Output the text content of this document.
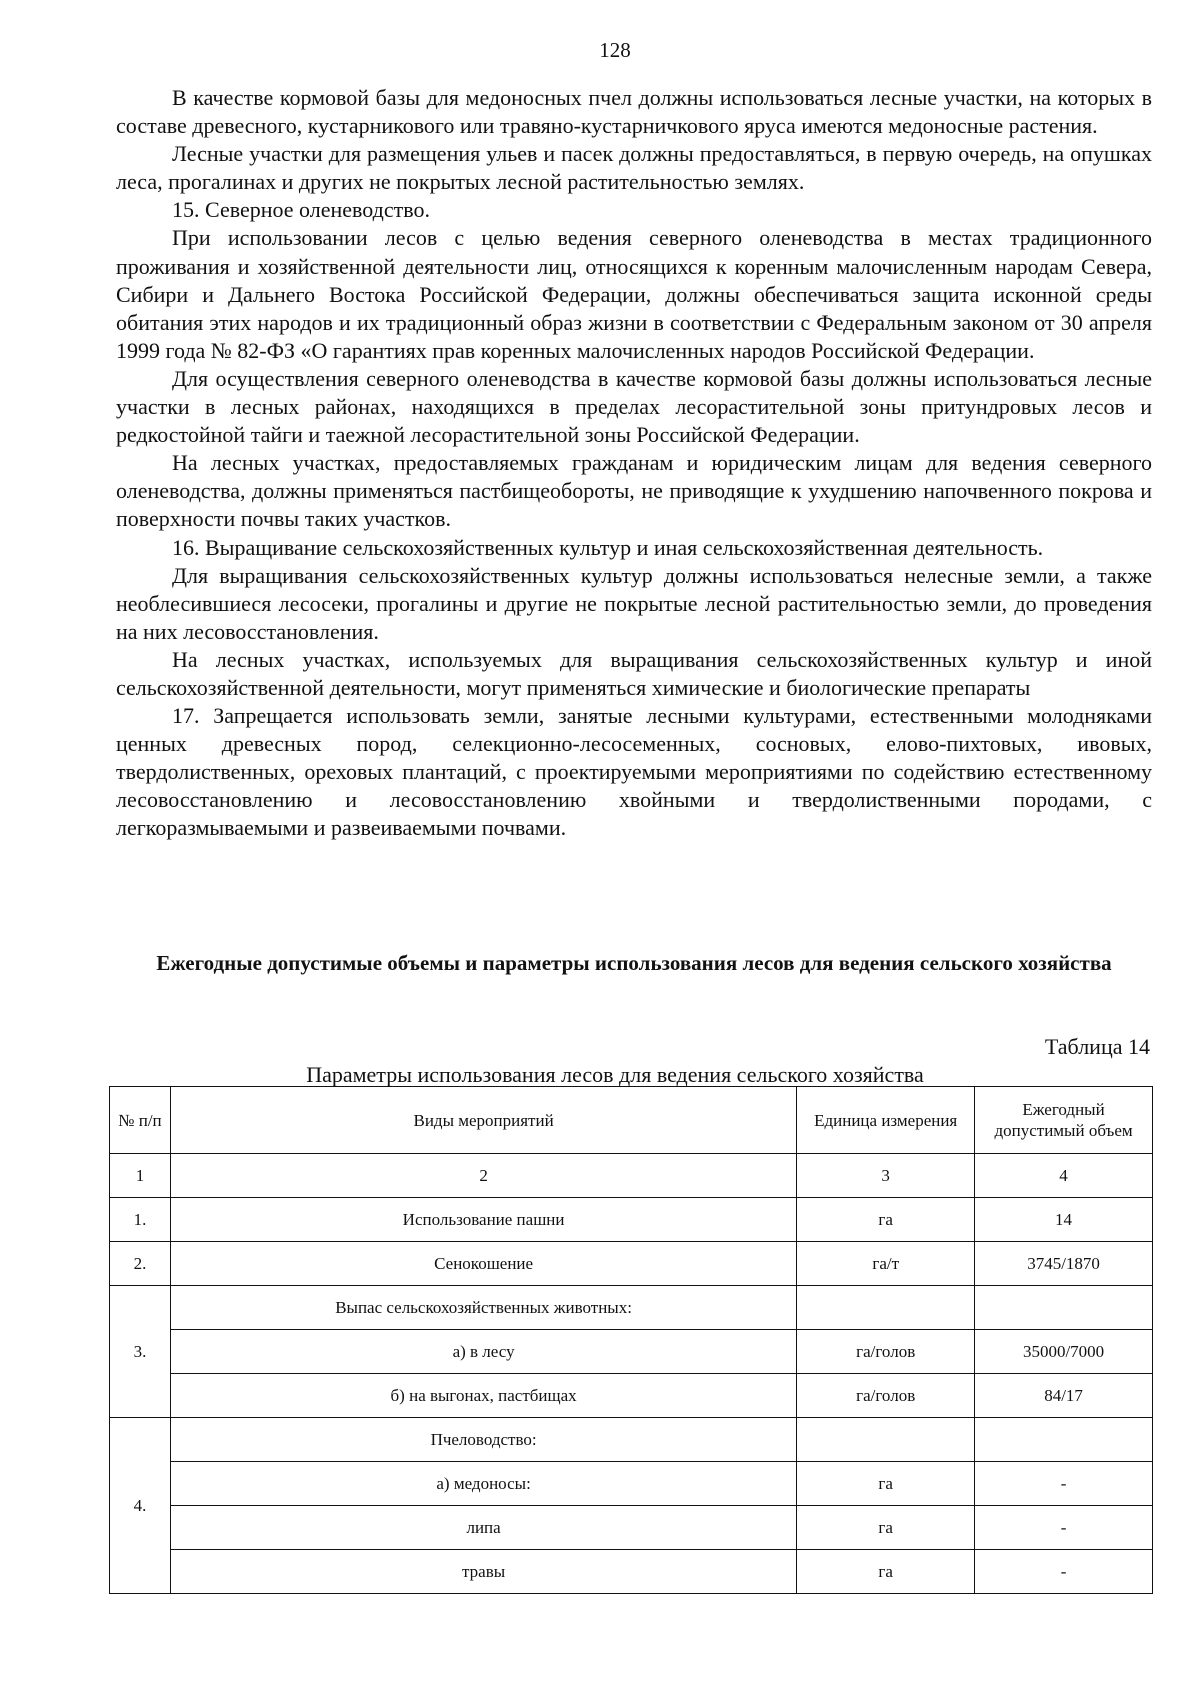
128

В качестве кормовой базы для медоносных пчел должны использоваться лесные участки, на которых в составе древесного, кустарникового или травяно-кустарничкового яруса имеются медоносные растения.

Лесные участки для размещения ульев и пасек должны предоставляться, в первую очередь, на опушках леса, прогалинах и других не покрытых лесной растительностью землях.

15. Северное оленеводство.

При использовании лесов с целью ведения северного оленеводства в местах традиционного проживания и хозяйственной деятельности лиц, относящихся к коренным малочисленным народам Севера, Сибири и Дальнего Востока Российской Федерации, должны обеспечиваться защита исконной среды обитания этих народов и их традиционный образ жизни в соответствии с Федеральным законом от 30 апреля 1999 года № 82-ФЗ «О гарантиях прав коренных малочисленных народов Российской Федерации.

Для осуществления северного оленеводства в качестве кормовой базы должны использоваться лесные участки в лесных районах, находящихся в пределах лесорастительной зоны притундровых лесов и редкостойной тайги и таежной лесорастительной зоны Российской Федерации.

На лесных участках, предоставляемых гражданам и юридическим лицам для ведения северного оленеводства, должны применяться пастбищеобороты, не приводящие к ухудшению напочвенного покрова и поверхности почвы таких участков.

16. Выращивание сельскохозяйственных культур и иная сельскохозяйственная деятельность.

Для выращивания сельскохозяйственных культур должны использоваться нелесные земли, а также необлесившиеся лесосеки, прогалины и другие не покрытые лесной растительностью земли, до проведения на них лесовосстановления.

На лесных участках, используемых для выращивания сельскохозяйственных культур и иной сельскохозяйственной деятельности, могут применяться химические и биологические препараты

17. Запрещается использовать земли, занятые лесными культурами, естественными молодняками ценных древесных пород, селекционно-лесосеменных, сосновых, елово-пихтовых, ивовых, твердолиственных, ореховых плантаций, с проектируемыми мероприятиями по содействию естественному лесовосстановлению и лесовосстановлению хвойными и твердолиственными породами, с легкоразмываемыми и развеиваемыми почвами.

Ежегодные допустимые объемы и параметры использования лесов для ведения сельского хозяйства
Таблица 14
Параметры использования лесов для ведения сельского хозяйства
№ п/п	Виды мероприятий	Единица измерения	Ежегодный допустимый объем
1	2	3	4
1.	Использование пашни	га	14
2.	Сенокошение	га/т	3745/1870
3.	Выпас сельскохозяйственных животных:		
	а) в лесу	га/голов	35000/7000
	б) на выгонах, пастбищах	га/голов	84/17
4.	Пчеловодство:		
	а) медоносы:	га	-
	липа	га	-
	травы	га	-
